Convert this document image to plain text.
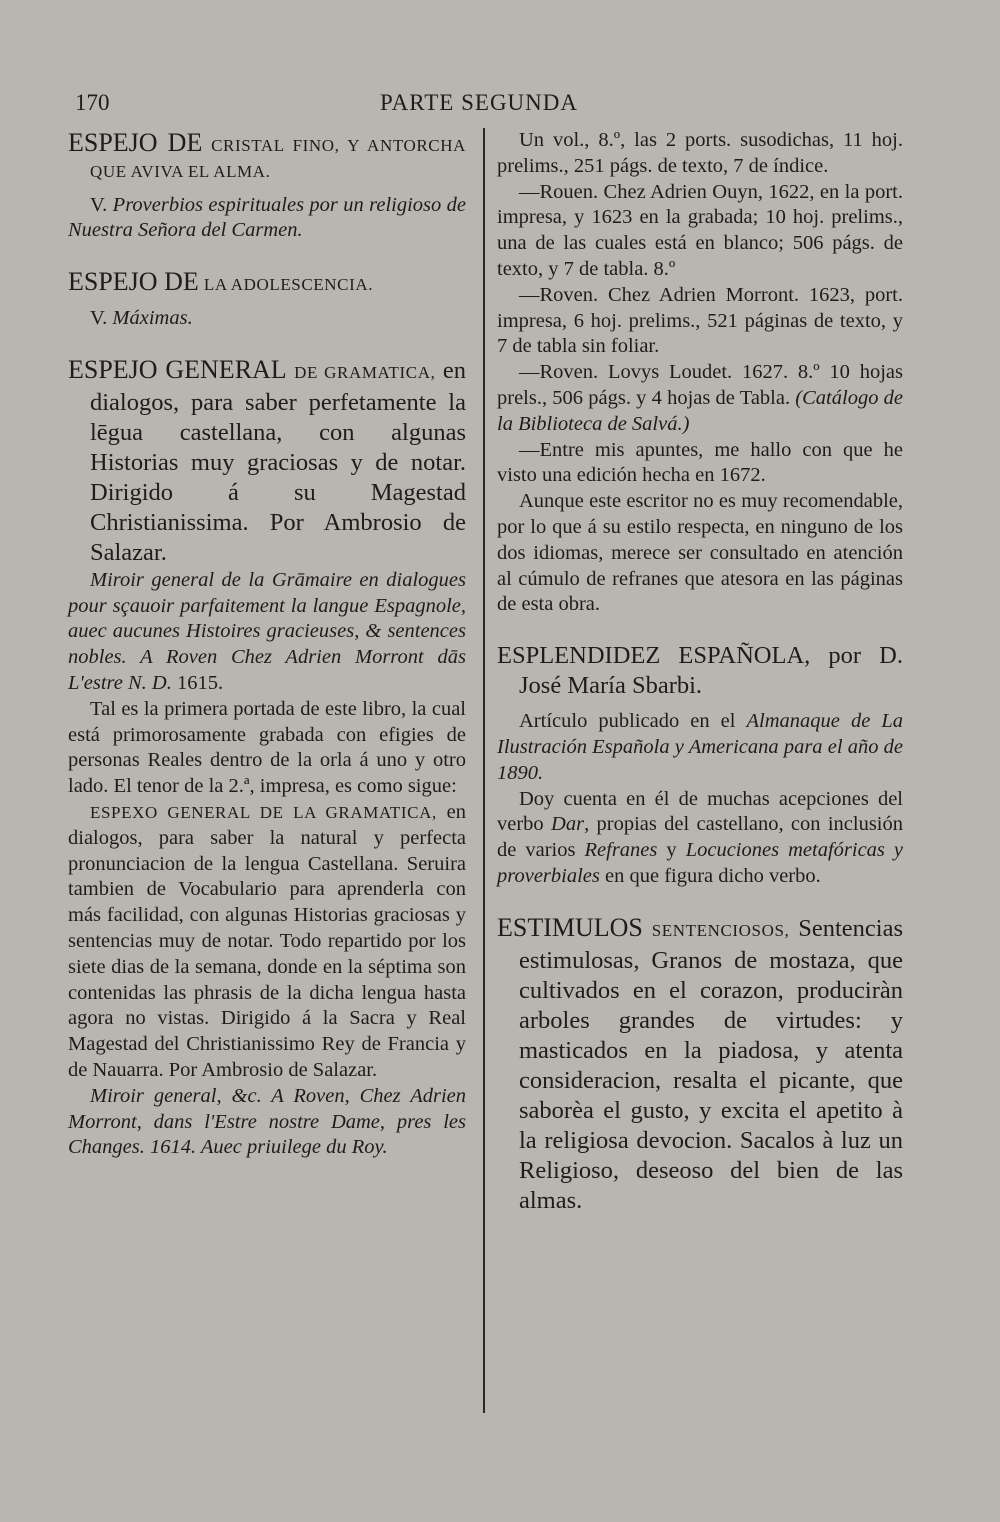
170	PARTE SEGUNDA

ESPEJO DE CRISTAL FINO, Y ANTORCHA QUE AVIVA EL ALMA.

V. Proverbios espirituales por un religioso de Nuestra Señora del Carmen.

ESPEJO DE LA ADOLESCENCIA.

V. Máximas.

ESPEJO GENERAL DE GRAMATICA, en dialogos, para saber perfetamente la lēgua castellana, con algunas Historias muy graciosas y de notar. Dirigido á su Magestad Christianissima. Por Ambrosio de Salazar.

Miroir general de la Grāmaire en dialogues pour sçauoir parfaitement la langue Espagnole, auec aucunes Histoires gracieuses, & sentences nobles. A Roven Chez Adrien Morront dās L'estre N. D. 1615.

Tal es la primera portada de este libro, la cual está primorosamente grabada con efigies de personas Reales dentro de la orla á uno y otro lado. El tenor de la 2.ª, impresa, es como sigue:

ESPEXO GENERAL DE LA GRAMATICA, en dialogos, para saber la natural y perfecta pronunciacion de la lengua Castellana. Seruira tambien de Vocabulario para aprenderla con más facilidad, con algunas Historias graciosas y sentencias muy de notar. Todo repartido por los siete dias de la semana, donde en la séptima son contenidas las phrasis de la dicha lengua hasta agora no vistas. Dirigido á la Sacra y Real Magestad del Christianissimo Rey de Francia y de Nauarra. Por Ambrosio de Salazar.

Miroir general, &c. A Roven, Chez Adrien Morront, dans l'Estre nostre Dame, pres les Changes. 1614. Auec priuilege du Roy.

Un vol., 8.º, las 2 ports. susodichas, 11 hoj. prelims., 251 págs. de texto, 7 de índice.

—Rouen. Chez Adrien Ouyn, 1622, en la port. impresa, y 1623 en la grabada; 10 hoj. prelims., una de las cuales está en blanco; 506 págs. de texto, y 7 de tabla. 8.º

—Roven. Chez Adrien Morront. 1623, port. impresa, 6 hoj. prelims., 521 páginas de texto, y 7 de tabla sin foliar.

—Roven. Lovys Loudet. 1627. 8.º 10 hojas prels., 506 págs. y 4 hojas de Tabla. (Catálogo de la Biblioteca de Salvá.)

—Entre mis apuntes, me hallo con que he visto una edición hecha en 1672.

Aunque este escritor no es muy recomendable, por lo que á su estilo respecta, en ninguno de los dos idiomas, merece ser consultado en atención al cúmulo de refranes que atesora en las páginas de esta obra.

ESPLENDIDEZ ESPAÑOLA, por D. José María Sbarbi.

Artículo publicado en el Almanaque de La Ilustración Española y Americana para el año de 1890.

Doy cuenta en él de muchas acepciones del verbo Dar, propias del castellano, con inclusión de varios Refranes y Locuciones metafóricas y proverbiales en que figura dicho verbo.

ESTIMULOS SENTENCIOSOS, Sentencias estimulosas, Granos de mostaza, que cultivados en el corazon, produciràn arboles grandes de virtudes: y masticados en la piadosa, y atenta consideracion, resalta el picante, que saborèa el gusto, y excita el apetito à la religiosa devocion. Sacalos à luz un Religioso, deseoso del bien de las almas.
